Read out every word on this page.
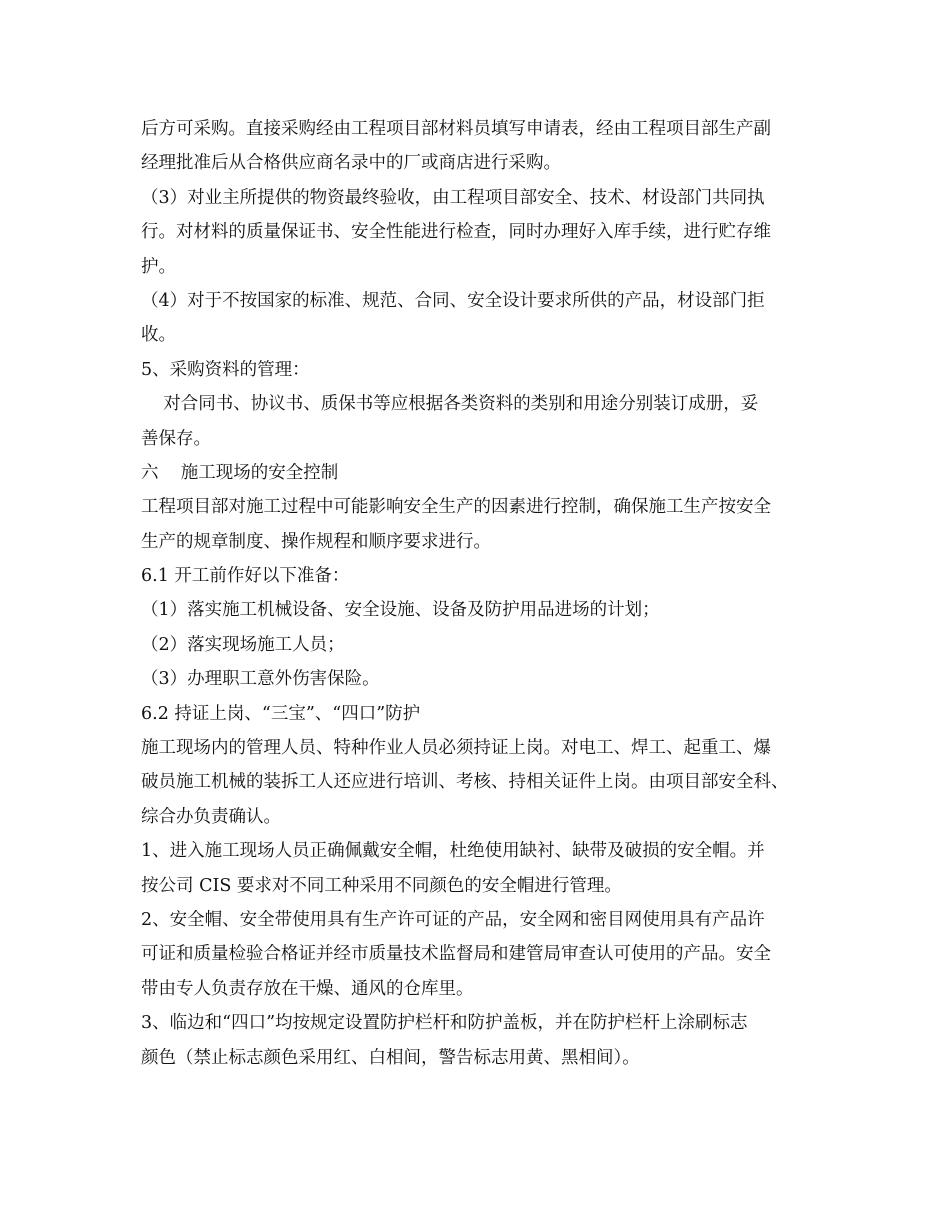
后方可采购。直接采购经由工程项目部材料员填写申请表，经由工程项目部生产副
经理批准后从合格供应商名录中的厂或商店进行采购。
（3）对业主所提供的物资最终验收，由工程项目部安全、技术、材设部门共同执
行。对材料的质量保证书、安全性能进行检查，同时办理好入库手续，进行贮存维
护。
（4）对于不按国家的标准、规范、合同、安全设计要求所供的产品，材设部门拒
收。
5、采购资料的管理：
对合同书、协议书、质保书等应根据各类资料的类别和用途分别装订成册，妥
善保存。
六    施工现场的安全控制
工程项目部对施工过程中可能影响安全生产的因素进行控制，确保施工生产按安全
生产的规章制度、操作规程和顺序要求进行。
6.1 开工前作好以下准备：
（1）落实施工机械设备、安全设施、设备及防护用品进场的计划；
（2）落实现场施工人员；
（3）办理职工意外伤害保险。
6.2 持证上岗、“三宝”、“四口”防护
施工现场内的管理人员、特种作业人员必须持证上岗。对电工、焊工、起重工、爆
破员施工机械的装拆工人还应进行培训、考核、持相关证件上岗。由项目部安全科、
综合办负责确认。
1、进入施工现场人员正确佩戴安全帽，杜绝使用缺衬、缺带及破损的安全帽。并
按公司 CIS 要求对不同工种采用不同颜色的安全帽进行管理。
2、安全帽、安全带使用具有生产许可证的产品，安全网和密目网使用具有产品许
可证和质量检验合格证并经市质量技术监督局和建管局审查认可使用的产品。安全
带由专人负责存放在干燥、通风的仓库里。
3、临边和“四口”均按规定设置防护栏杆和防护盖板，并在防护栏杆上涂刷标志
颜色（禁止标志颜色采用红、白相间，警告标志用黄、黑相间）。
